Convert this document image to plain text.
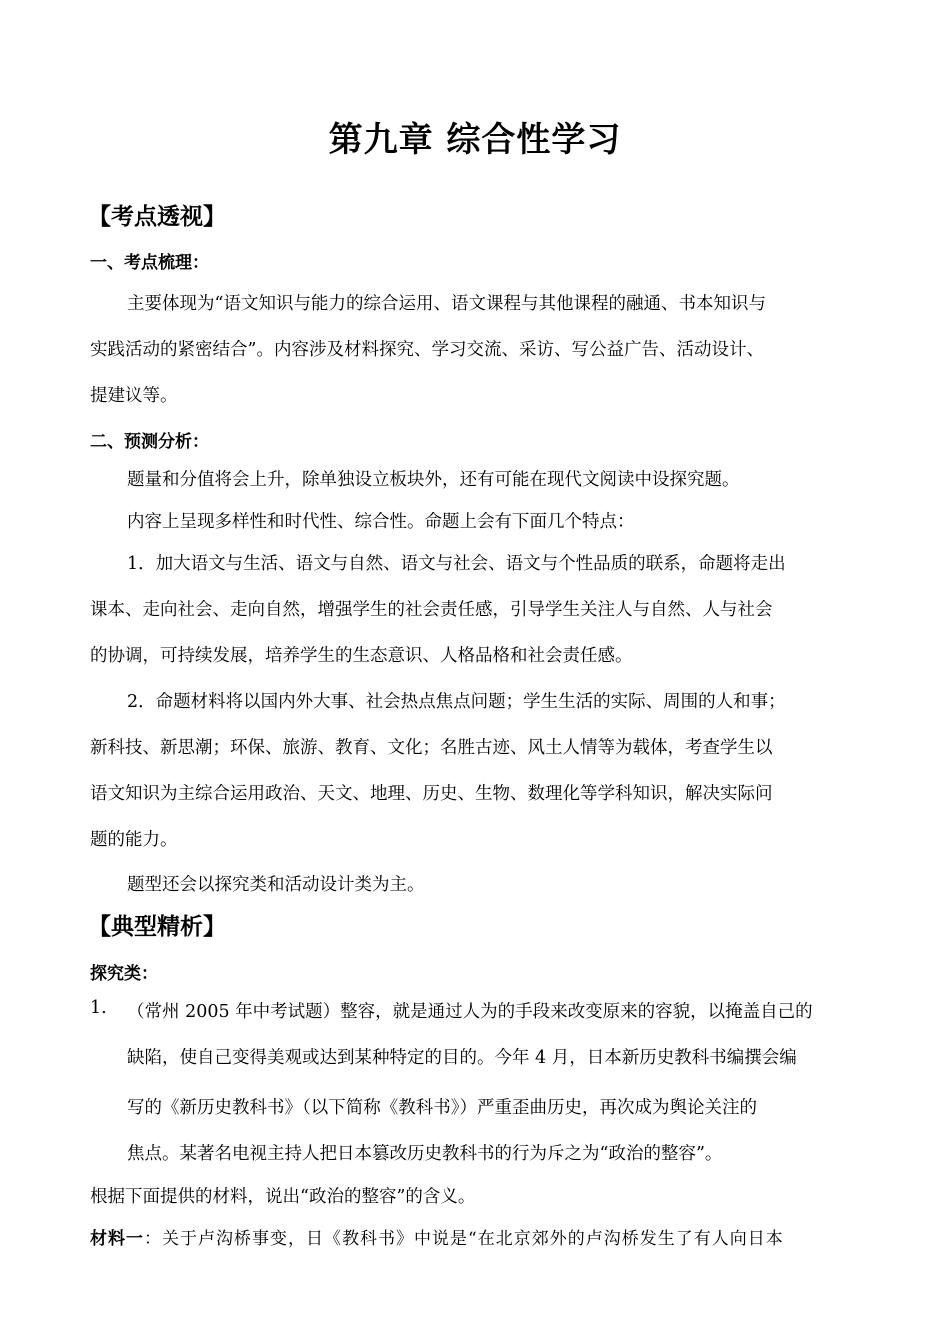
第九章 综合性学习
【考点透视】
一、考点梳理：
主要体现为“语文知识与能力的综合运用、语文课程与其他课程的融通、书本知识与
实践活动的紧密结合”。内容涉及材料探究、学习交流、采访、写公益广告、活动设计、
提建议等。
二、预测分析：
题量和分值将会上升，除单独设立板块外，还有可能在现代文阅读中设探究题。
内容上呈现多样性和时代性、综合性。命题上会有下面几个特点：
1．加大语文与生活、语文与自然、语文与社会、语文与个性品质的联系，命题将走出
课本、走向社会、走向自然，增强学生的社会责任感，引导学生关注人与自然、人与社会
的协调，可持续发展，培养学生的生态意识、人格品格和社会责任感。
2．命题材料将以国内外大事、社会热点焦点问题；学生生活的实际、周围的人和事；
新科技、新思潮；环保、旅游、教育、文化；名胜古迹、风土人情等为载体，考查学生以
语文知识为主综合运用政治、天文、地理、历史、生物、数理化等学科知识，解决实际问
题的能力。
题型还会以探究类和活动设计类为主。
【典型精析】
探究类：
1. （常州 2005 年中考试题）整容，就是通过人为的手段来改变原来的容貌，以掩盖自己的
缺陷，使自己变得美观或达到某种特定的目的。今年 4 月，日本新历史教科书编撰会编
写的《新历史教科书》（以下简称《教科书》）严重歪曲历史，再次成为舆论关注的
焦点。某著名电视主持人把日本篡改历史教科书的行为斥之为“政治的整容”。
根据下面提供的材料，说出“政治的整容”的含义。
材料一：关于卢沟桥事变，日《教科书》中说是“在北京郊外的卢沟桥发生了有人向日本
